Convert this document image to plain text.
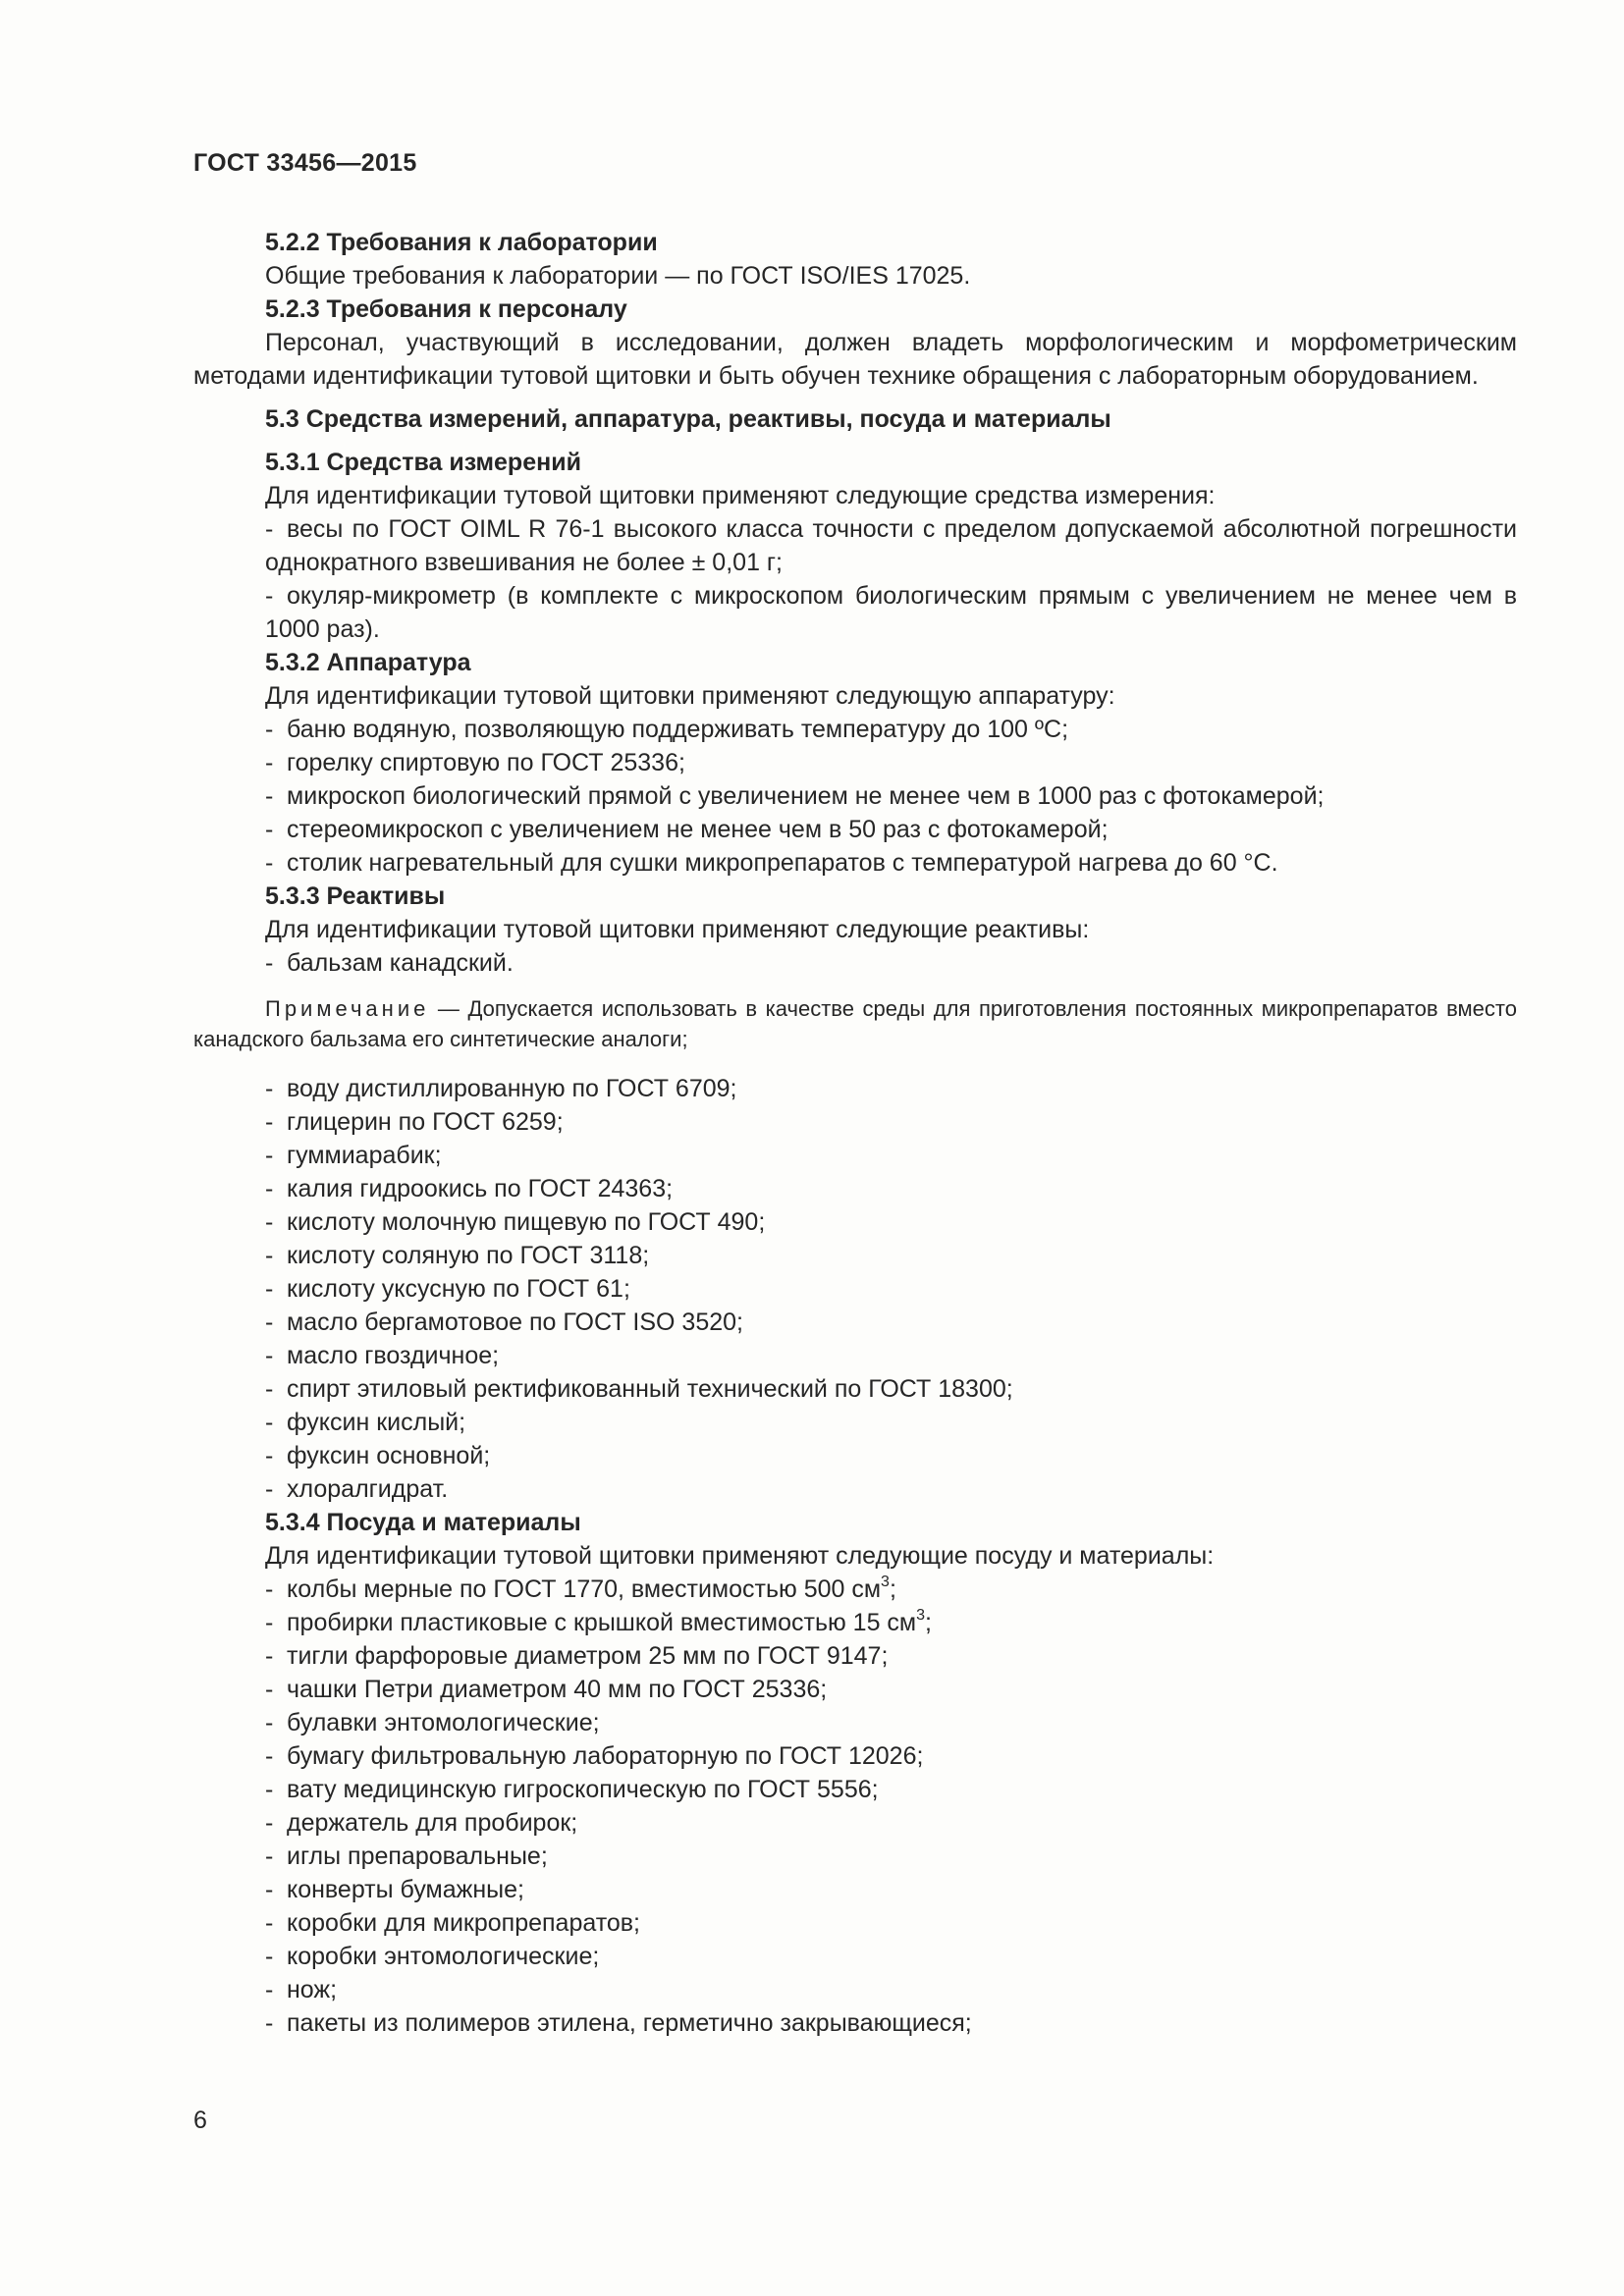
ГОСТ 33456—2015
5.2.2 Требования к лаборатории
Общие требования к лаборатории — по ГОСТ ISO/IES 17025.
5.2.3 Требования к персоналу
Персонал, участвующий в исследовании, должен владеть морфологическим и морфометрическим методами идентификации тутовой щитовки и быть обучен технике обращения с лабораторным оборудованием.
5.3 Средства измерений, аппаратура, реактивы, посуда и материалы
5.3.1 Средства измерений
Для идентификации тутовой щитовки применяют следующие средства измерения:
- весы по ГОСТ OIML R 76-1 высокого класса точности с пределом допускаемой абсолютной погрешности однократного взвешивания не более ± 0,01 г;
- окуляр-микрометр (в комплекте с микроскопом биологическим прямым с увеличением не менее чем в 1000 раз).
5.3.2 Аппаратура
Для идентификации тутовой щитовки применяют следующую аппаратуру:
- баню водяную, позволяющую поддерживать температуру до 100 ºС;
- горелку спиртовую по ГОСТ 25336;
- микроскоп биологический прямой с увеличением не менее чем в 1000 раз с фотокамерой;
- стереомикроскоп с увеличением не менее чем в 50 раз с фотокамерой;
- столик нагревательный для сушки микропрепаратов с температурой нагрева до 60 °С.
5.3.3 Реактивы
Для идентификации тутовой щитовки применяют следующие реактивы:
- бальзам канадский.
Примечание — Допускается использовать в качестве среды для приготовления постоянных микропрепаратов вместо канадского бальзама его синтетические аналоги;
- воду дистиллированную по ГОСТ 6709;
- глицерин по ГОСТ 6259;
- гуммиарабик;
- калия гидроокись по ГОСТ 24363;
- кислоту молочную пищевую по ГОСТ 490;
- кислоту соляную по ГОСТ 3118;
- кислоту уксусную по ГОСТ 61;
- масло бергамотовое по ГОСТ ISO 3520;
- масло гвоздичное;
- спирт этиловый ректификованный технический по ГОСТ 18300;
- фуксин кислый;
- фуксин основной;
- хлоралгидрат.
5.3.4 Посуда и материалы
Для идентификации тутовой щитовки применяют следующие посуду и материалы:
- колбы мерные по ГОСТ 1770, вместимостью 500 $см^3$;
- пробирки пластиковые с крышкой вместимостью 15 $см^3$;
- тигли фарфоровые диаметром 25 мм по ГОСТ 9147;
- чашки Петри диаметром 40 мм по ГОСТ 25336;
- булавки энтомологические;
- бумагу фильтровальную лабораторную по ГОСТ 12026;
- вату медицинскую гигроскопическую по ГОСТ 5556;
- держатель для пробирок;
- иглы препаровальные;
- конверты бумажные;
- коробки для микропрепаратов;
- коробки энтомологические;
- нож;
- пакеты из полимеров этилена, герметично закрывающиеся;
6
